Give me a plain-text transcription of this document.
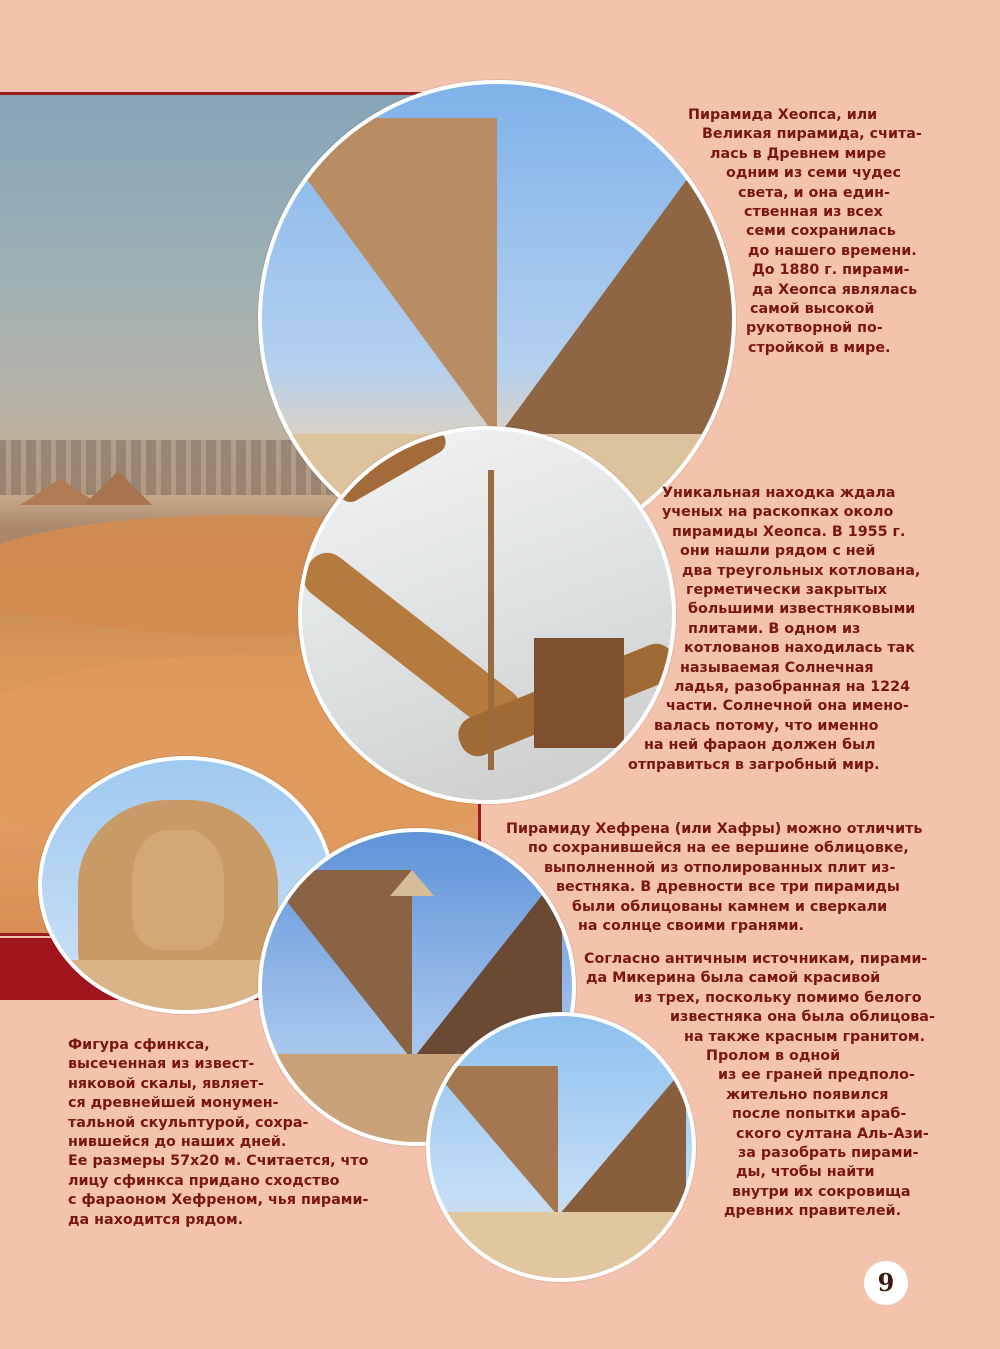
Пирамида Хеопса, или
Великая пирамида, счита-
лась в Древнем мире
одним из семи чудес
света, и она един-
ственная из всех
семи сохранилась
до нашего времени.
До 1880 г. пирами-
да Хеопса являлась
самой высокой
рукотворной по-
стройкой в мире.

Уникальная находка ждала
ученых на раскопках около
пирамиды Хеопса. В 1955 г.
они нашли рядом с ней
два треугольных котлована,
герметически закрытых
большими известняковыми
плитами. В одном из
котлованов находилась так
называемая Солнечная
ладья, разобранная на 1224
части. Солнечной она имено-
валась потому, что именно
на ней фараон должен был
отправиться в загробный мир.

Пирамиду Хефрена (или Хафры) можно отличить
по сохранившейся на ее вершине облицовке,
выполненной из отполированных плит из-
вестняка. В древности все три пирамиды
были облицованы камнем и сверкали
на солнце своими гранями.

Согласно античным источникам, пирами-
да Микерина была самой красивой
из трех, поскольку помимо белого
известняка она была облицова-
на также красным гранитом.
Пролом в одной
из ее граней предполо-
жительно появился
после попытки араб-
ского султана Аль-Ази-
за разобрать пирами-
ды, чтобы найти
внутри их сокровища
древних правителей.

Фигура сфинкса,
высеченная из извест-
няковой скалы, являет-
ся древнейшей монумен-
тальной скульптурой, сохра-
нившейся до наших дней.
Ее размеры 57х20 м. Считается, что
лицу сфинкса придано сходство
с фараоном Хефреном, чья пирами-
да находится рядом.

9
